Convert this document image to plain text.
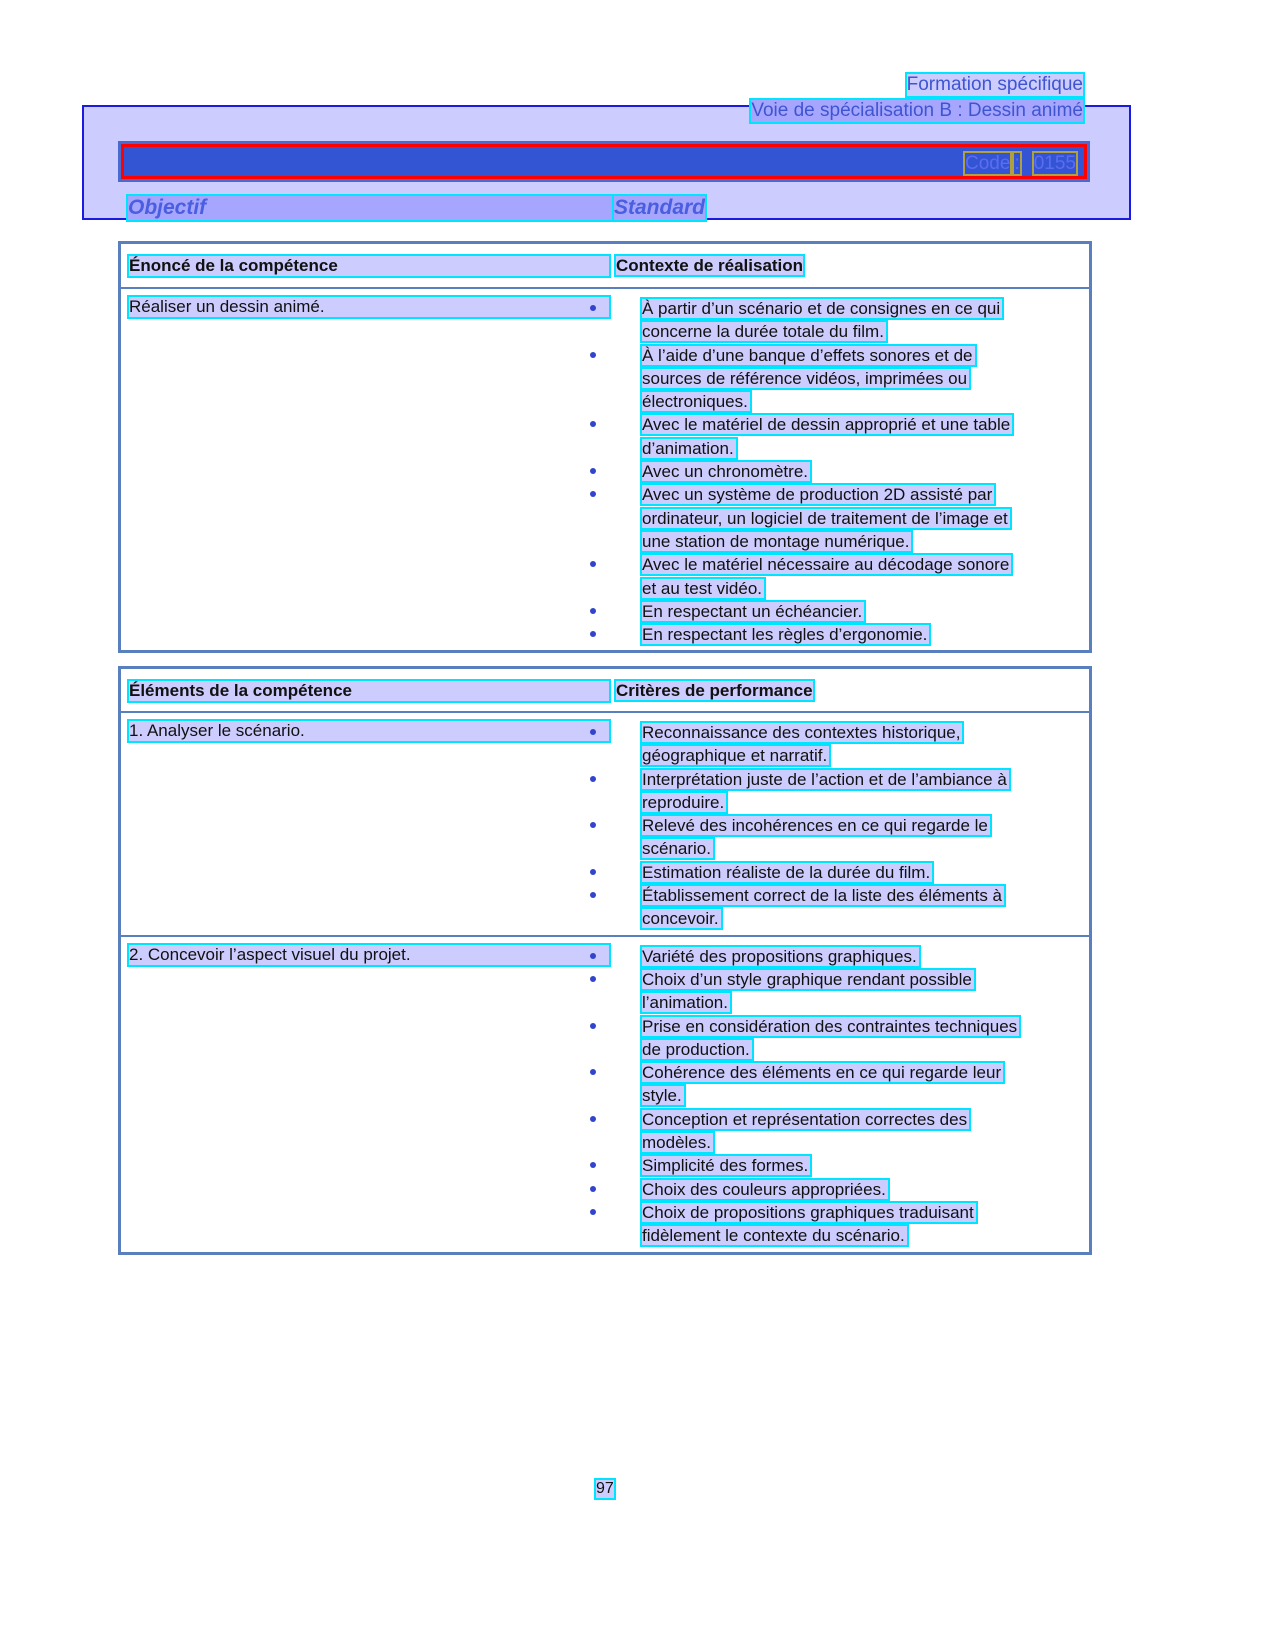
Formation spécifique
Voie de spécialisation B : Dessin animé
Code : 0155
Objectif	Standard
Énoncé de la compétence	Contexte de réalisation
Réaliser un dessin animé.	À partir d’un scénario et de consignes en ce qui
concerne la durée totale du film.
À l’aide d’une banque d’effets sonores et de
sources de référence vidéos, imprimées ou
électroniques.
Avec le matériel de dessin approprié et une table
d’animation.
Avec un chronomètre.
Avec un système de production 2D assisté par
ordinateur, un logiciel de traitement de l’image et
une station de montage numérique.
Avec le matériel nécessaire au décodage sonore
et au test vidéo.
En respectant un échéancier.
En respectant les règles d’ergonomie.
Éléments de la compétence	Critères de performance
1. Analyser le scénario.	Reconnaissance des contextes historique,
géographique et narratif.
Interprétation juste de l’action et de l’ambiance à
reproduire.
Relevé des incohérences en ce qui regarde le
scénario.
Estimation réaliste de la durée du film.
Établissement correct de la liste des éléments à
concevoir.
2. Concevoir l’aspect visuel du projet.	Variété des propositions graphiques.
Choix d’un style graphique rendant possible
l’animation.
Prise en considération des contraintes techniques
de production.
Cohérence des éléments en ce qui regarde leur
style.
Conception et représentation correctes des
modèles.
Simplicité des formes.
Choix des couleurs appropriées.
Choix de propositions graphiques traduisant
fidèlement le contexte du scénario.
97
